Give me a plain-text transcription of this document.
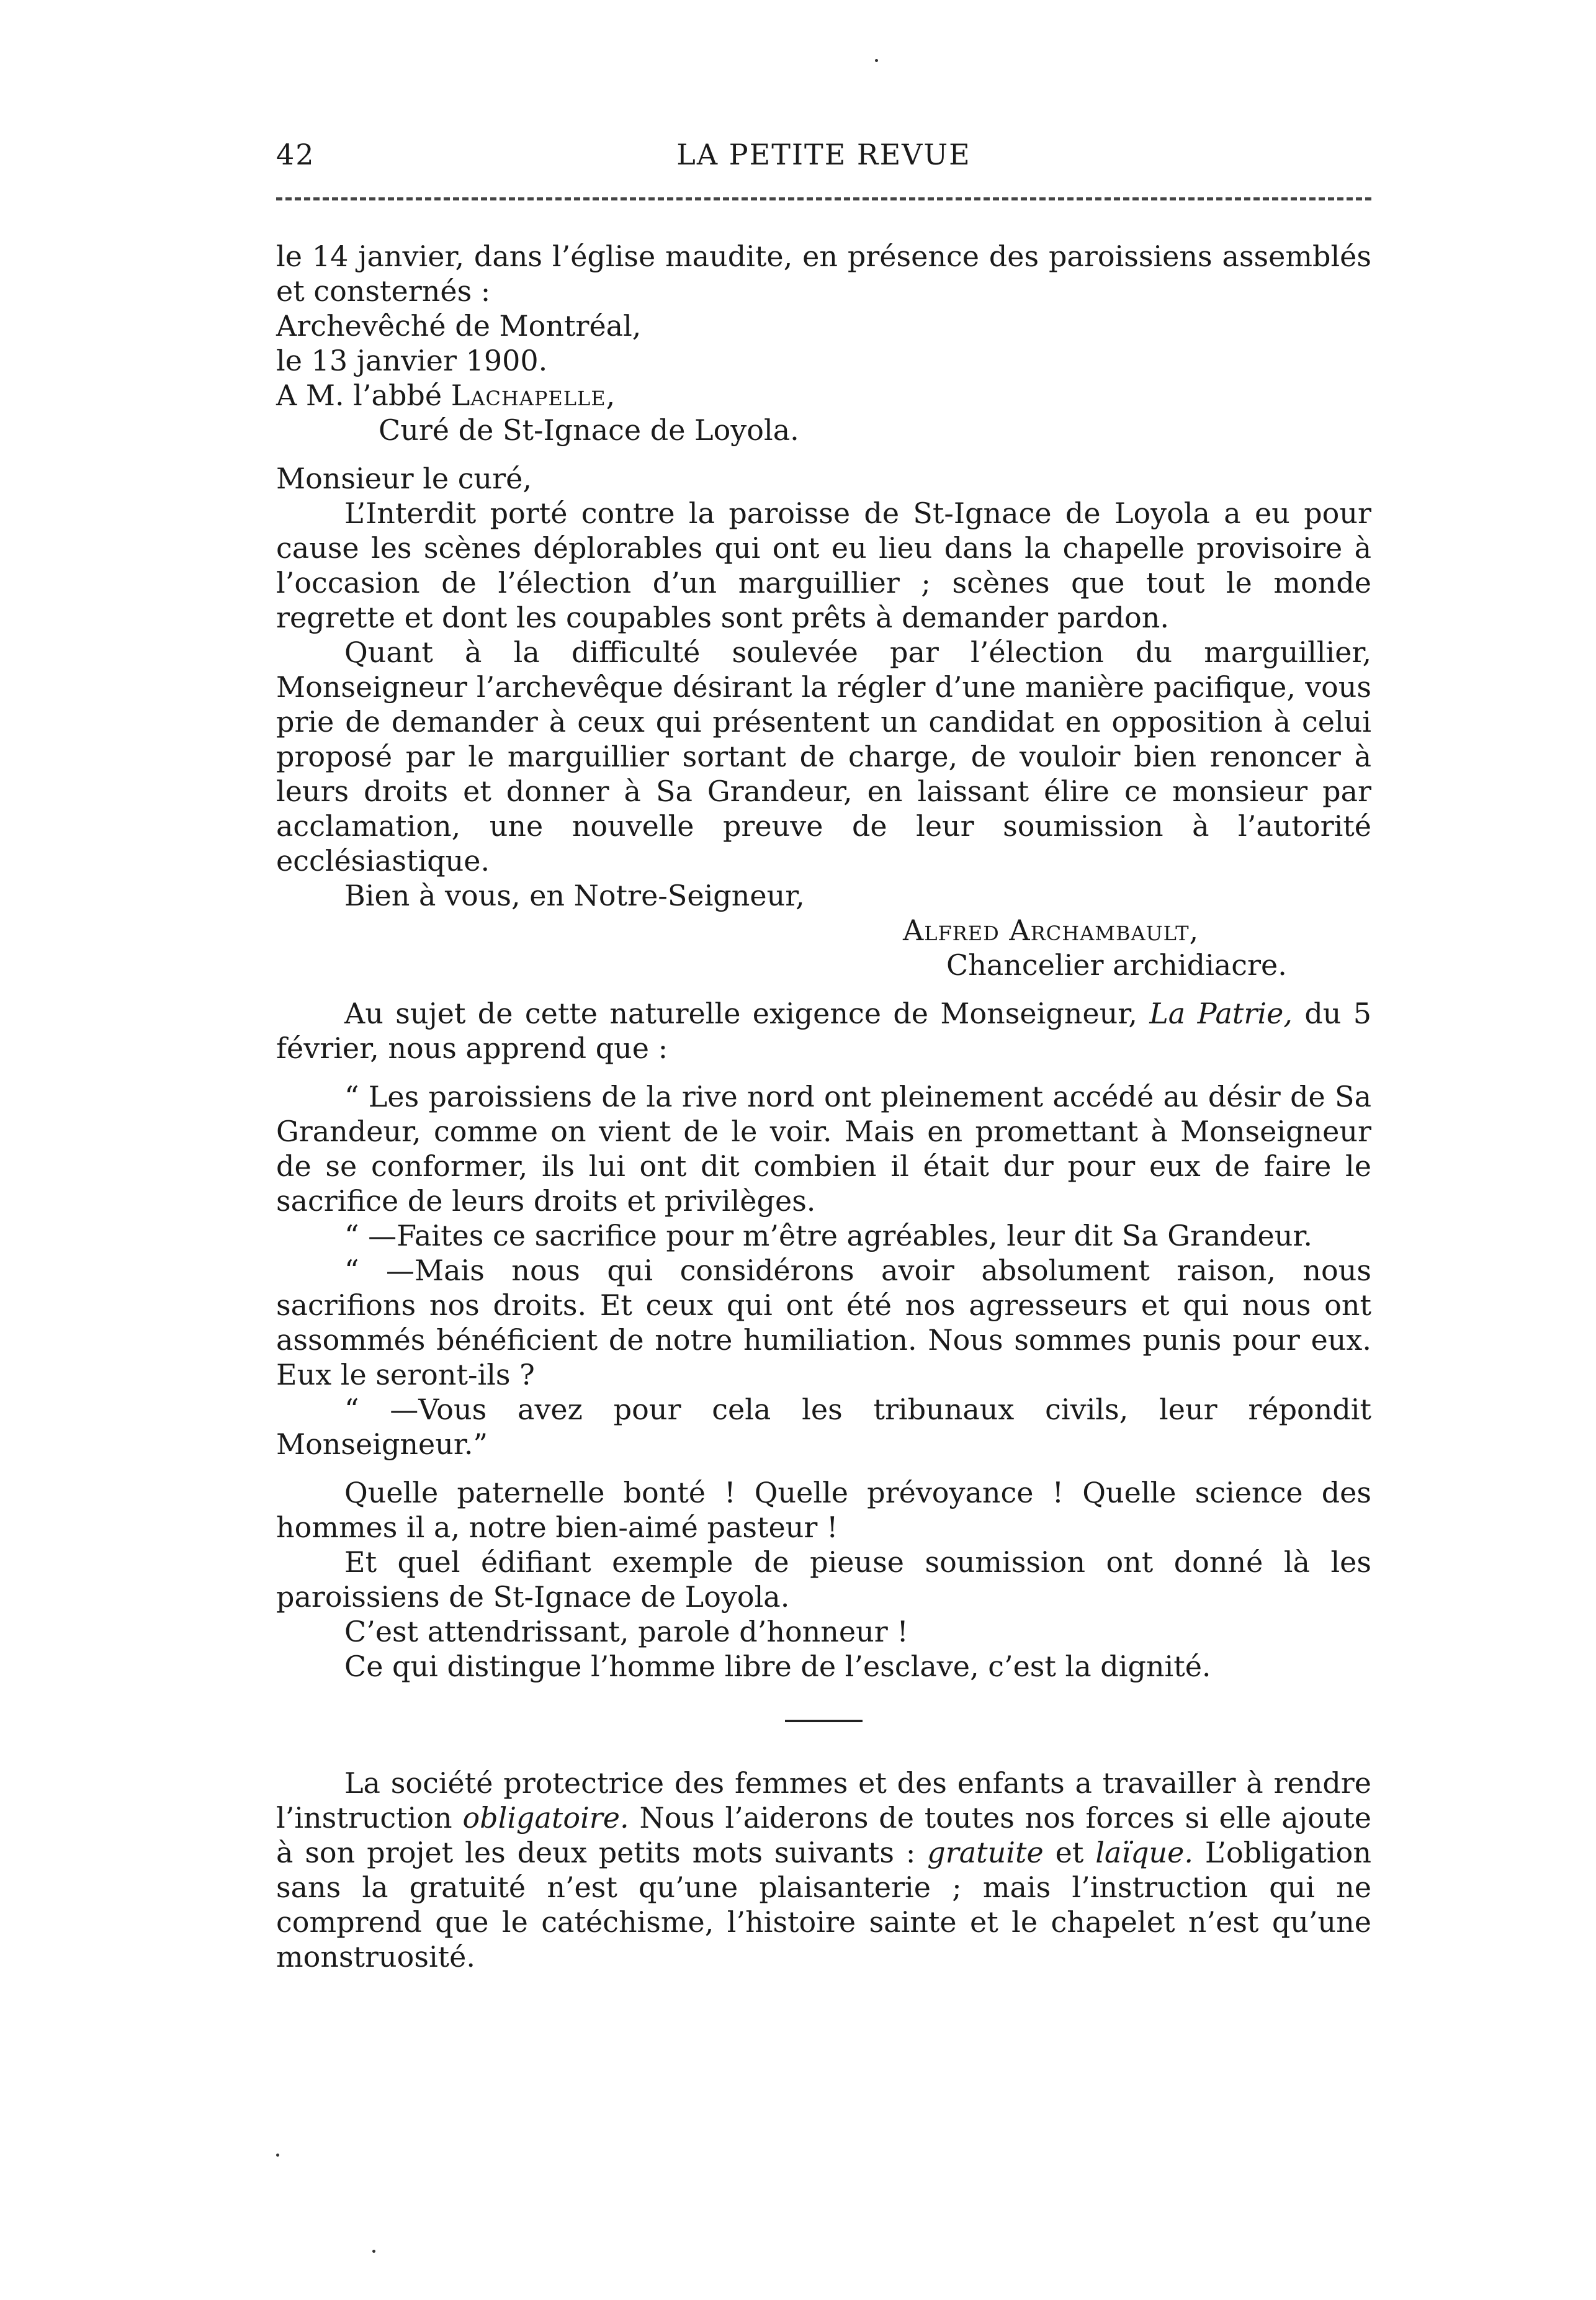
42	LA PETITE REVUE

le 14 janvier, dans l’église maudite, en présence des paroissiens assemblés et consternés :

Archevêché de Montréal,

le 13 janvier 1900.

A M. l’abbé Lachapelle,

Curé de St-Ignace de Loyola.

Monsieur le curé,

L’Interdit porté contre la paroisse de St-Ignace de Loyola a eu pour cause les scènes déplorables qui ont eu lieu dans la chapelle provisoire à l’occasion de l’élection d’un marguillier ; scènes que tout le monde regrette et dont les coupables sont prêts à demander pardon.

Quant à la difficulté soulevée par l’élection du marguillier, Monseigneur l’archevêque désirant la régler d’une manière pacifique, vous prie de demander à ceux qui présentent un candidat en opposition à celui proposé par le marguillier sortant de charge, de vouloir bien renoncer à leurs droits et donner à Sa Grandeur, en laissant élire ce monsieur par acclamation, une nouvelle preuve de leur soumission à l’autorité ecclésiastique.

Bien à vous, en Notre-Seigneur,

Alfred Archambault,

Chancelier archidiacre.

Au sujet de cette naturelle exigence de Monseigneur, La Patrie, du 5 février, nous apprend que :

“ Les paroissiens de la rive nord ont pleinement accédé au désir de Sa Grandeur, comme on vient de le voir. Mais en promettant à Monseigneur de se conformer, ils lui ont dit combien il était dur pour eux de faire le sacrifice de leurs droits et privilèges.

“ —Faites ce sacrifice pour m’être agréables, leur dit Sa Grandeur.

“ —Mais nous qui considérons avoir absolument raison, nous sacrifions nos droits. Et ceux qui ont été nos agresseurs et qui nous ont assommés bénéficient de notre humiliation. Nous sommes punis pour eux. Eux le seront-ils ?

“ —Vous avez pour cela les tribunaux civils, leur répondit Monseigneur.”

Quelle paternelle bonté ! Quelle prévoyance ! Quelle science des hommes il a, notre bien-aimé pasteur !

Et quel édifiant exemple de pieuse soumission ont donné là les paroissiens de St-Ignace de Loyola.

C’est attendrissant, parole d’honneur !

Ce qui distingue l’homme libre de l’esclave, c’est la dignité.

La société protectrice des femmes et des enfants a travailler à rendre l’instruction obligatoire. Nous l’aiderons de toutes nos forces si elle ajoute à son projet les deux petits mots suivants : gratuite et laïque. L’obligation sans la gratuité n’est qu’une plaisanterie ; mais l’instruction qui ne comprend que le catéchisme, l’histoire sainte et le chapelet n’est qu’une monstruosité.
